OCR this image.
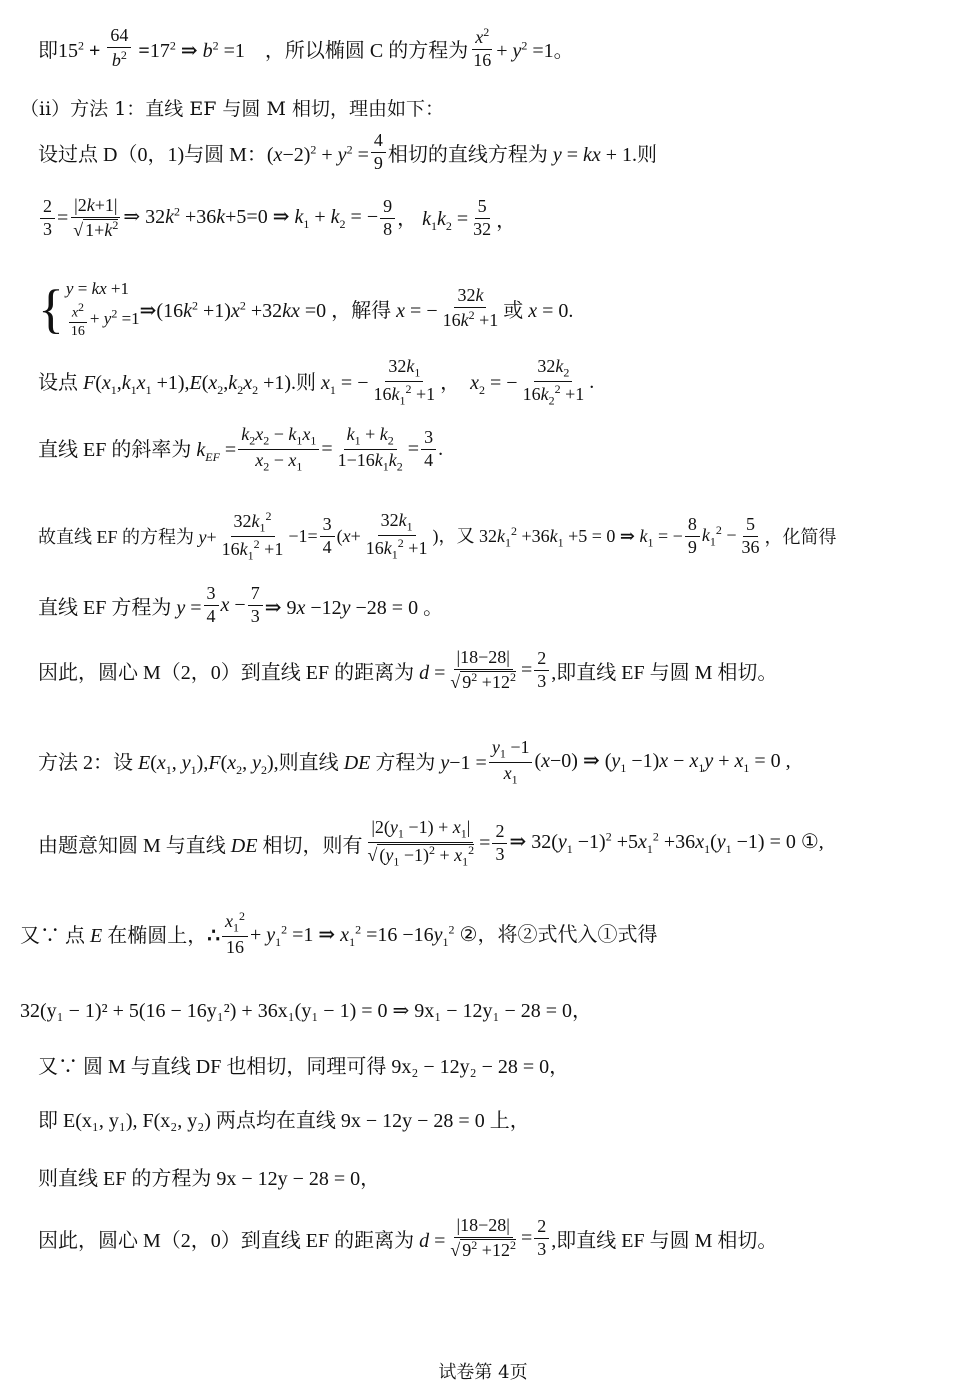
即$15^2 + \frac{64}{b^2} =17^2$ ⇒ $b^2 =1$    ，所以椭圆 C 的方程为 $\frac{x^2}{16} + y^2 =1$。
（ii）方法 1：直线 EF 与圆 M 相切，理由如下：
设过点 D（0，1)与圆 M：$(x-2)^2 + y^2 = \frac{4}{9}$ 相切的直线方程为 y = kx + 1.则
$\frac{2}{3} = \frac{|2k+1|}{√ 1+k^2}$ ⇒ $32k^2 +36k+5=0$ ⇒ $k_1 + k_2$ = − $\frac{9}{8}$ ， $k_1k_2 = \frac{5}{32}$ ，
{ y = kx +1
$\frac{x^2}{16} + y^2 =1$ $\Rightarrow(16k^2 +1)x^2 +32kx =0$ ，解得 x = − $\frac{32k}{16k^2 +1}$ 或 x = 0.
设点 $F(x_1,k_1x_1 +1),E(x_2,k_2x_2 +1)$.则 $x_1$ = − $\frac{32k_1}{16k_1^2 +1}$ ，  $x_2$ = − $\frac{32k_2}{16k_2^2 +1}$ .
直线 EF 的斜率为 $k_{EF} = \frac{k_2x_2 - k_1x_1}{x_2 - x_1} = \frac{k_1 + k_2}{1-16k_1k_2} = \frac{3}{4}$ .
故直线 EF 的方程为 $y+ \frac{32k_1^2}{16k_1^2 +1} -1= \frac{3}{4} (x+ \frac{32k_1}{16k_1^2 +1}$ )，又 $32k_1^2 +36k_1 +5 = 0$ ⇒ $k_1$ = − $\frac{8}{9} k_1^2 - \frac{5}{36}$ ，化简得
直线 EF 方程为 $y = \frac{3}{4}$ $x - \frac{7}{3}$ ⇒ 9x −12y −28 = 0 。
因此，圆心 M（2，0）到直线 EF 的距离为 $d = \frac{|18-28|}{√ 9^2 +12^2} = \frac{2}{3}$ ,即直线 EF 与圆 M 相切。
方法 2：设 $E(x_1$, $y_1),F(x_2$, $y_2$),则直线 DE 方程为 $y-1 = \frac{y_1 -1}{x_1} (x-0)$ ⇒ $(y_1 -1)x - x_1y + x_1 = 0$ ,
由题意知圆 M 与直线 DE 相切，则有 $\frac{|2(y_1 -1) + x_1|}{√ (y_1 -1)^2 + x_1^2} = \frac{2}{3}$ ⇒ $32(y_1 -1)^2 +5x_1^2 +36x_1(y_1 -1) = 0$ ①,
又∵ 点 E 在椭圆上，∴ $\frac{x_1^2}{16} + y_1^2 =1$ ⇒ $x_1^2 =16 -16y_1^2$ ②，将②式代入①式得
32(y₁ − 1)² + 5(16 − 16y₁²) + 36x₁(y₁ − 1) = 0 ⇒ 9x₁ − 12y₁ − 28 = 0，
又∵ 圆 M 与直线 DF 也相切，同理可得 9x₂ − 12y₂ − 28 = 0，
即 E(x₁, y₁), F(x₂, y₂) 两点均在直线 9x − 12y − 28 = 0 上，
则直线 EF 的方程为 9x − 12y − 28 = 0，
因此，圆心 M（2，0）到直线 EF 的距离为 $d = \frac{|18-28|}{√ 9^2 +12^2} = \frac{2}{3}$ ,即直线 EF 与圆 M 相切。
试卷第 4页
